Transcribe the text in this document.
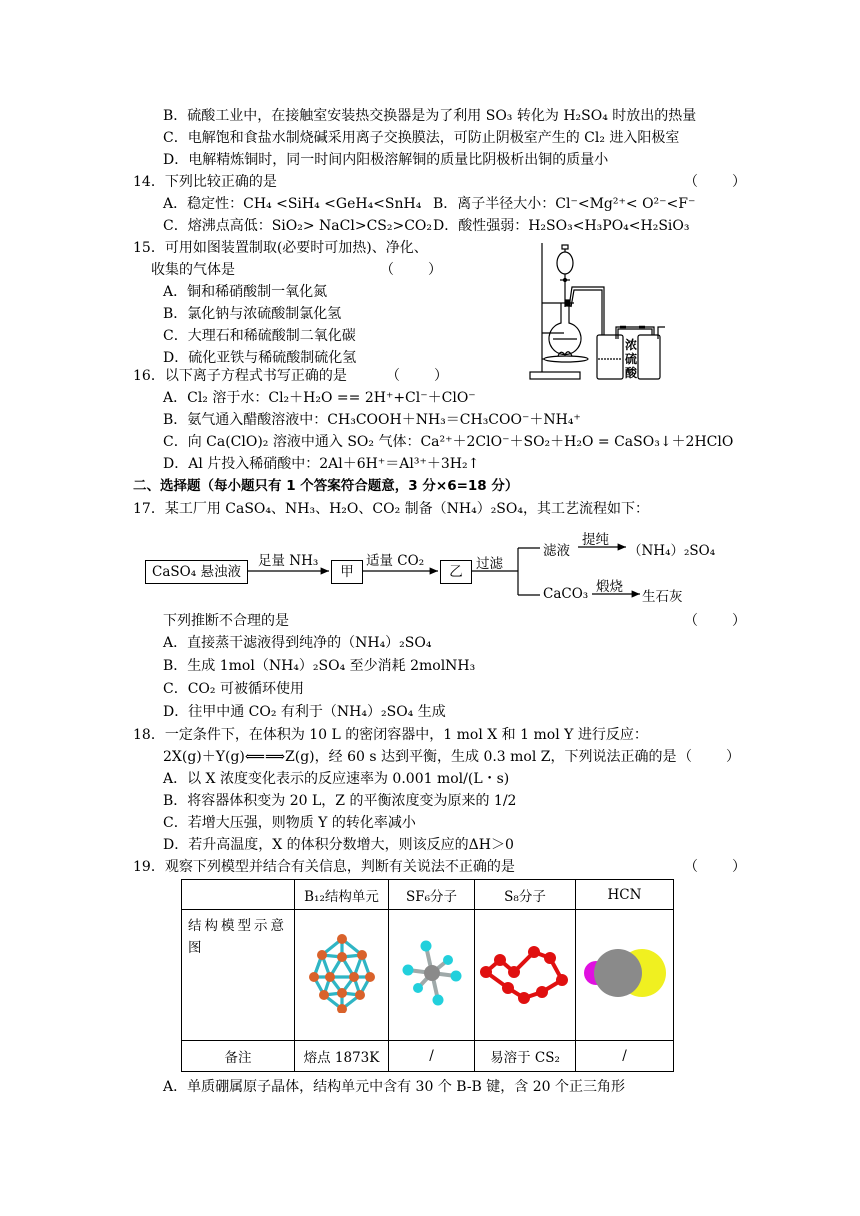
B．硫酸工业中，在接触室安装热交换器是为了利用 SO₃ 转化为 H₂SO₄ 时放出的热量
C．电解饱和食盐水制烧碱采用离子交换膜法，可防止阴极室产生的 Cl₂ 进入阳极室
D．电解精炼铜时，同一时间内阳极溶解铜的质量比阴极析出铜的质量小
14．下列比较正确的是	（　　）
A．稳定性：CH₄ <SiH₄ <GeH₄<SnH₄ B．离子半径大小：Cl⁻<Mg²⁺< O²⁻<F⁻
C．熔沸点高低：SiO₂> NaCl>CS₂>CO₂ D．酸性强弱：H₂SO₃<H₃PO₄<H₂SiO₃
15．可用如图装置制取(必要时可加热)、净化、
收集的气体是	（　　）
A．铜和稀硝酸制一氧化氮
B．氯化钠与浓硫酸制氯化氢
C．大理石和稀硫酸制二氧化碳
D．硫化亚铁与稀硫酸制硫化氢
浓
硫
酸
16．以下离子方程式书写正确的是	（　　）
A．Cl₂ 溶于水：Cl₂＋H₂O == 2H⁺+Cl⁻＋ClO⁻
B．氨气通入醋酸溶液中：CH₃COOH＋NH₃＝CH₃COO⁻＋NH₄⁺
C．向 Ca(ClO)₂ 溶液中通入 SO₂ 气体：Ca²⁺＋2ClO⁻＋SO₂＋H₂O = CaSO₃↓＋2HClO
D．Al 片投入稀硝酸中：2Al＋6H⁺＝Al³⁺＋3H₂↑
二、选择题（每小题只有 1 个答案符合题意，3 分×6=18 分）
17．某工厂用 CaSO₄、NH₃、H₂O、CO₂ 制备（NH₄）₂SO₄，其工艺流程如下：
CaSO₄ 悬浊液
足量 NH₃
甲
适量 CO₂
乙 过滤
滤液
提纯
（NH₄）₂SO₄
CaCO₃ 煅烧
生石灰
下列推断不合理的是	（　　）
A．直接蒸干滤液得到纯净的（NH₄）₂SO₄
B．生成 1mol（NH₄）₂SO₄ 至少消耗 2molNH₃
C．CO₂ 可被循环使用
D．往甲中通 CO₂ 有利于（NH₄）₂SO₄ 生成
18．一定条件下，在体积为 10 L 的密闭容器中，1 mol X 和 1 mol Y 进行反应：
2X(g)＋Y(g)⟸⟹Z(g)，经 60 s 达到平衡，生成 0.3 mol Z，下列说法正确的是 （　　）
A．以 X 浓度变化表示的反应速率为 0.001 mol/(L・s)
B．将容器体积变为 20 L，Z 的平衡浓度变为原来的 1/2
C．若增大压强，则物质 Y 的转化率减小
D．若升高温度，X 的体积分数增大，则该反应的ΔH＞0
19．观察下列模型并结合有关信息，判断有关说法不正确的是	（　　）
	B₁₂结构单元	SF₆分子	S₈分子	HCN
结构模型示意图				
备注	熔点 1873K	/	易溶于 CS₂	/
A．单质硼属原子晶体，结构单元中含有 30 个 B-B 键，含 20 个正三角形
